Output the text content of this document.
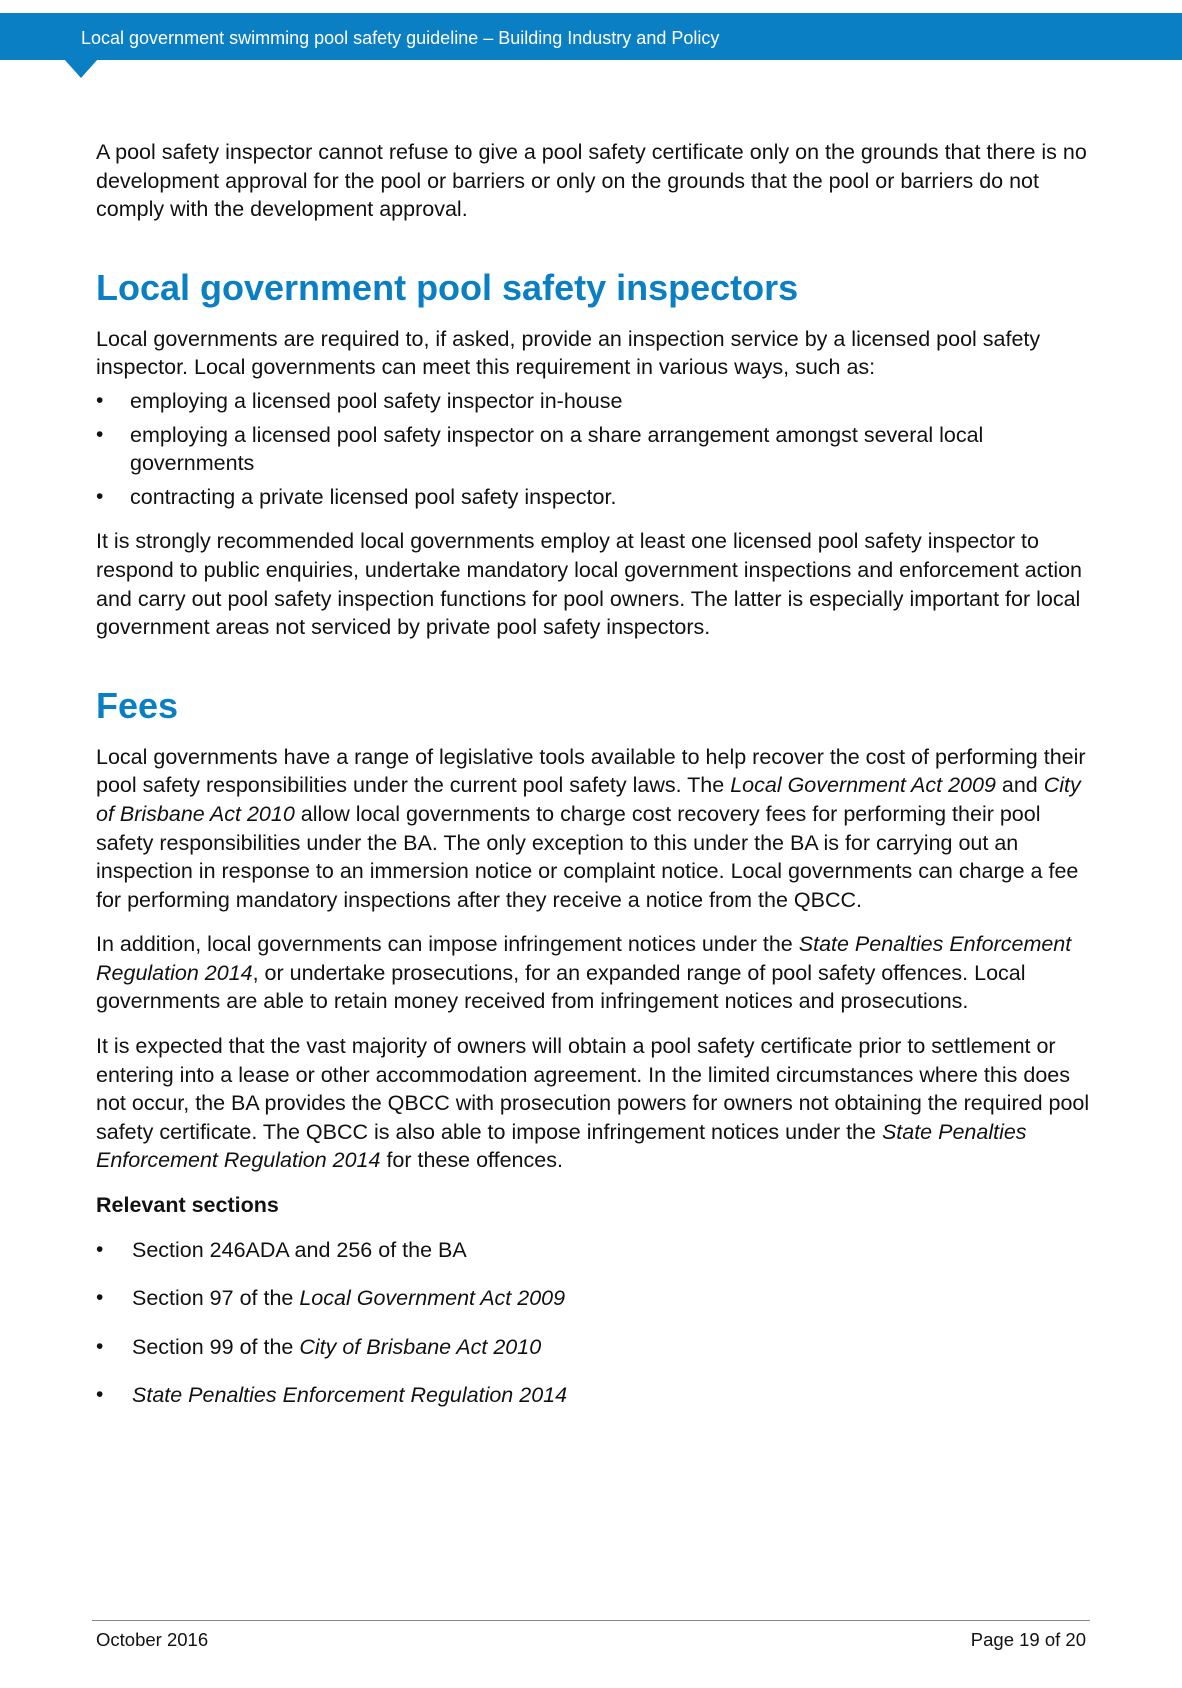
Local government swimming pool safety guideline – Building Industry and Policy

A pool safety inspector cannot refuse to give a pool safety certificate only on the grounds that there is no development approval for the pool or barriers or only on the grounds that the pool or barriers do not comply with the development approval.

Local government pool safety inspectors

Local governments are required to, if asked, provide an inspection service by a licensed pool safety inspector. Local governments can meet this requirement in various ways, such as:

• employing a licensed pool safety inspector in-house
• employing a licensed pool safety inspector on a share arrangement amongst several local governments
• contracting a private licensed pool safety inspector.

It is strongly recommended local governments employ at least one licensed pool safety inspector to respond to public enquiries, undertake mandatory local government inspections and enforcement action and carry out pool safety inspection functions for pool owners. The latter is especially important for local government areas not serviced by private pool safety inspectors.

Fees

Local governments have a range of legislative tools available to help recover the cost of performing their pool safety responsibilities under the current pool safety laws. The Local Government Act 2009 and City of Brisbane Act 2010 allow local governments to charge cost recovery fees for performing their pool safety responsibilities under the BA. The only exception to this under the BA is for carrying out an inspection in response to an immersion notice or complaint notice. Local governments can charge a fee for performing mandatory inspections after they receive a notice from the QBCC.

In addition, local governments can impose infringement notices under the State Penalties Enforcement Regulation 2014, or undertake prosecutions, for an expanded range of pool safety offences. Local governments are able to retain money received from infringement notices and prosecutions.

It is expected that the vast majority of owners will obtain a pool safety certificate prior to settlement or entering into a lease or other accommodation agreement. In the limited circumstances where this does not occur, the BA provides the QBCC with prosecution powers for owners not obtaining the required pool safety certificate. The QBCC is also able to impose infringement notices under the State Penalties Enforcement Regulation 2014 for these offences.

Relevant sections

• Section 246ADA and 256 of the BA
• Section 97 of the Local Government Act 2009
• Section 99 of the City of Brisbane Act 2010
• State Penalties Enforcement Regulation 2014
October 2016	Page 19 of 20
